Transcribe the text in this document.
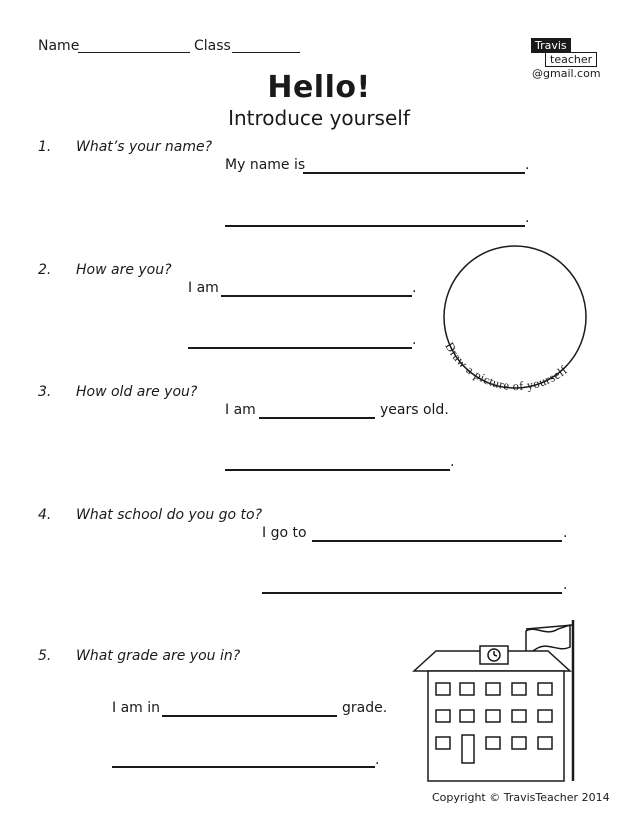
Name	Class	Travis
teacher
@gmail.com
Hello!
Introduce yourself
1. What’s your name?
My name is	.
.
2. How are you?
I am	.
. Draw a picture of yourself
3. How old are you?
I am	years old.
.
4. What school do you go to?
I go to	.
.
5. What grade are you in?
I am in	grade.
.
Copyright © TravisTeacher 2014
